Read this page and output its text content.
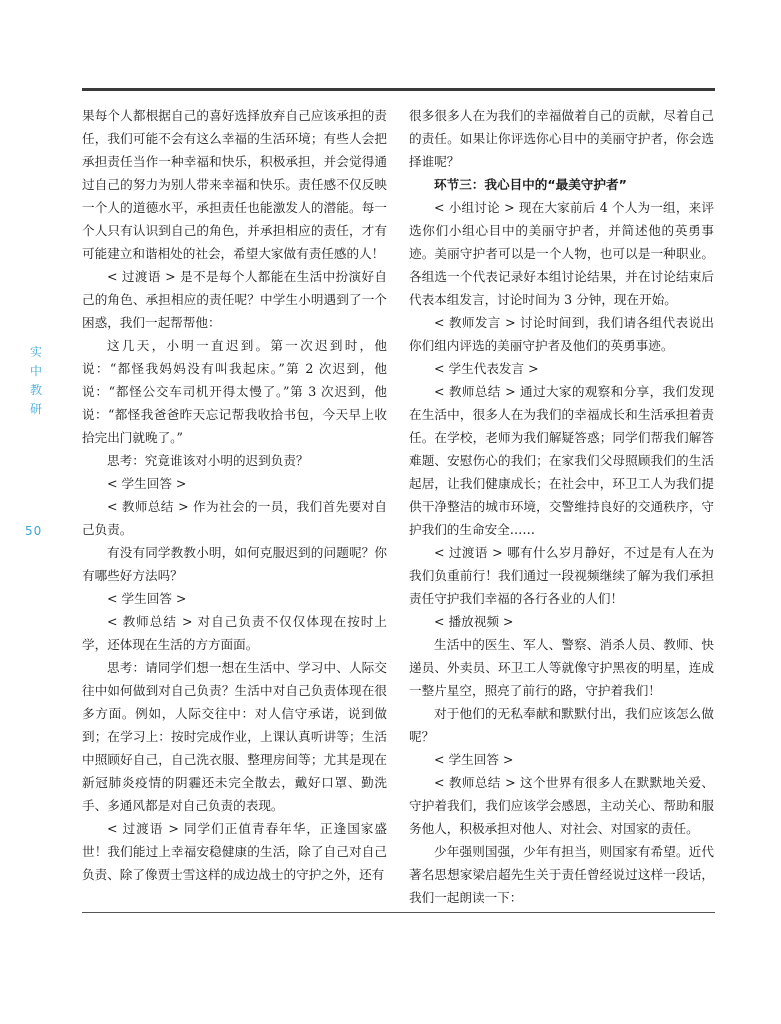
实
中
教
研
50

果每个人都根据自己的喜好选择放弃自己应该承担的责任，我们可能不会有这么幸福的生活环境；有些人会把承担责任当作一种幸福和快乐，积极承担，并会觉得通过自己的努力为别人带来幸福和快乐。责任感不仅反映一个人的道德水平，承担责任也能激发人的潜能。每一个人只有认识到自己的角色，并承担相应的责任，才有可能建立和谐相处的社会，希望大家做有责任感的人！

< 过渡语 > 是不是每个人都能在生活中扮演好自己的角色、承担相应的责任呢？中学生小明遇到了一个困惑，我们一起帮帮他：

这几天，小明一直迟到。第一次迟到时，他说：“都怪我妈妈没有叫我起床。”第 2 次迟到，他说：“都怪公交车司机开得太慢了。”第 3 次迟到，他说：“都怪我爸爸昨天忘记帮我收拾书包，今天早上收拾完出门就晚了。”

思考：究竟谁该对小明的迟到负责？

< 学生回答 >

< 教师总结 > 作为社会的一员，我们首先要对自己负责。

有没有同学教教小明，如何克服迟到的问题呢？你有哪些好方法吗？

< 学生回答 >

< 教师总结 > 对自己负责不仅仅体现在按时上学，还体现在生活的方方面面。

思考：请同学们想一想在生活中、学习中、人际交往中如何做到对自己负责？生活中对自己负责体现在很多方面。例如，人际交往中：对人信守承诺，说到做到；在学习上：按时完成作业，上课认真听讲等；生活中照顾好自己，自己洗衣服、整理房间等；尤其是现在新冠肺炎疫情的阴霾还未完全散去，戴好口罩、勤洗手、多通风都是对自己负责的表现。

< 过渡语 > 同学们正值青春年华，正逢国家盛世！我们能过上幸福安稳健康的生活，除了自己对自己负责、除了像贾士雪这样的成边战士的守护之外，还有

很多很多人在为我们的幸福做着自己的贡献，尽着自己的责任。如果让你评选你心目中的美丽守护者，你会选择谁呢？

环节三：我心目中的“最美守护者”

< 小组讨论 > 现在大家前后 4 个人为一组，来评选你们小组心目中的美丽守护者，并简述他的英勇事迹。美丽守护者可以是一个人物，也可以是一种职业。各组选一个代表记录好本组讨论结果，并在讨论结束后代表本组发言，讨论时间为 3 分钟，现在开始。

< 教师发言 > 讨论时间到，我们请各组代表说出你们组内评选的美丽守护者及他们的英勇事迹。

< 学生代表发言 >

< 教师总结 > 通过大家的观察和分享，我们发现在生活中，很多人在为我们的幸福成长和生活承担着责任。在学校，老师为我们解疑答惑；同学们帮我们解答难题、安慰伤心的我们；在家我们父母照顾我们的生活起居，让我们健康成长；在社会中，环卫工人为我们提供干净整洁的城市环境，交警维持良好的交通秩序，守护我们的生命安全……

< 过渡语 > 哪有什么岁月静好，不过是有人在为我们负重前行！我们通过一段视频继续了解为我们承担责任守护我们幸福的各行各业的人们！

< 播放视频 >

生活中的医生、军人、警察、消杀人员、教师、快递员、外卖员、环卫工人等就像守护黑夜的明星，连成一整片星空，照亮了前行的路，守护着我们！

对于他们的无私奉献和默默付出，我们应该怎么做呢？

< 学生回答 >

< 教师总结 > 这个世界有很多人在默默地关爱、守护着我们，我们应该学会感恩，主动关心、帮助和服务他人，积极承担对他人、对社会、对国家的责任。

少年强则国强，少年有担当，则国家有希望。近代著名思想家梁启超先生关于责任曾经说过这样一段话，我们一起朗读一下：
